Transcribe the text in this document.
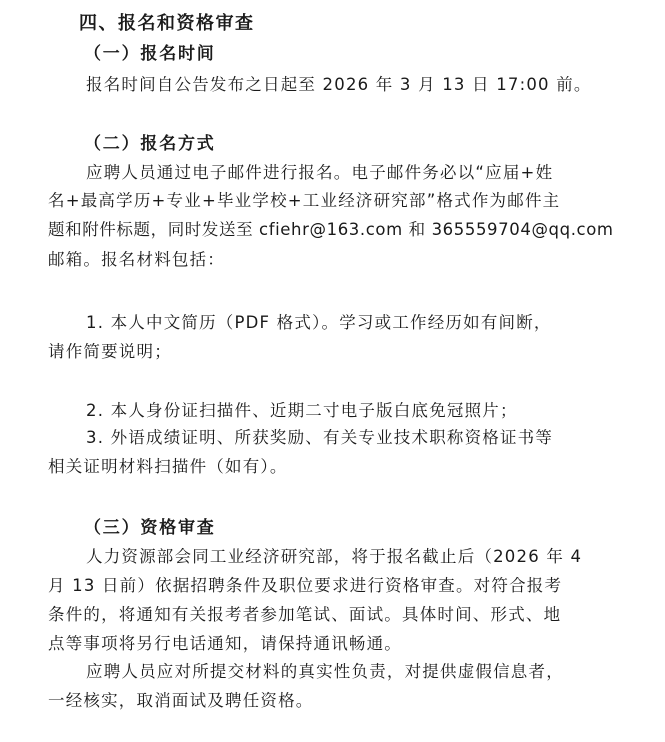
四、报名和资格审查
（一）报名时间
报名时间自公告发布之日起至 2026 年 3 月 13 日 17:00 前。
（二）报名方式
应聘人员通过电子邮件进行报名。电子邮件务必以“应届+姓
名+最高学历+专业+毕业学校+工业经济研究部”格式作为邮件主
题和附件标题，同时发送至 cfiehr@163.com 和 365559704@qq.com
邮箱。报名材料包括：
1. 本人中文简历（PDF 格式）。学习或工作经历如有间断，
请作简要说明；
2. 本人身份证扫描件、近期二寸电子版白底免冠照片；
3. 外语成绩证明、所获奖励、有关专业技术职称资格证书等
相关证明材料扫描件（如有）。
（三）资格审查
人力资源部会同工业经济研究部，将于报名截止后（2026 年 4
月 13 日前）依据招聘条件及职位要求进行资格审查。对符合报考
条件的，将通知有关报考者参加笔试、面试。具体时间、形式、地
点等事项将另行电话通知，请保持通讯畅通。
应聘人员应对所提交材料的真实性负责，对提供虚假信息者，
一经核实，取消面试及聘任资格。
